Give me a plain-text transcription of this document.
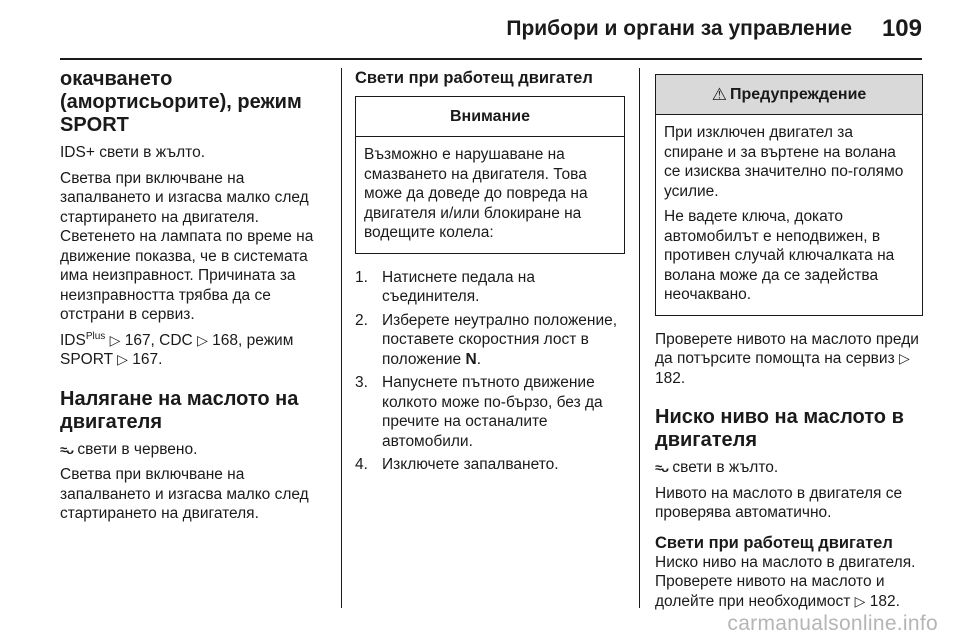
Прибори и органи за управление 109
окачването (амортисьорите), режим SPORT

IDS+ свети в жълто.

Светва при включване на запалването и изгасва малко след стартирането на двигателя. Светенето на лампата по време на движение показва, че в системата има неизправност. Причината за неизправността трябва да се отстрани в сервиз.

$IDS^{Plus}$ ▷ 167, CDC ▷ 168, режим SPORT ▷ 167.

Налягане на маслото на двигателя

≈ᴗ свети в червено.

Светва при включване на запалването и изгасва малко след стартирането на двигателя.

Свети при работещ двигател
Внимание

Възможно е нарушаване на смазването на двигателя. Това може да доведе до повреда на двигателя и/или блокиране на водещите колела:

1. Натиснете педала на съединителя.
2. Изберете неутрално положение, поставете скоростния лост в положение N.
3. Напуснете пътното движение колкото може по-бързо, без да пречите на останалите автомобили.
4. Изключете запалването.
⚠ Предупреждение

При изключен двигател за спиране и за въртене на волана се изисква значително по-голямо усилие.

Не вадете ключа, докато автомобилът е неподвижен, в противен случай ключалката на волана може да се задейства неочаквано.

Проверете нивото на маслото преди да потърсите помощта на сервиз ▷ 182.

Ниско ниво на маслото в двигателя

≈ᴗ свети в жълто.

Нивото на маслото в двигателя се проверява автоматично.

Свети при работещ двигател

Ниско ниво на маслото в двигателя. Проверете нивото на маслото и долейте при необходимост ▷ 182.

carmanualsonline.info
